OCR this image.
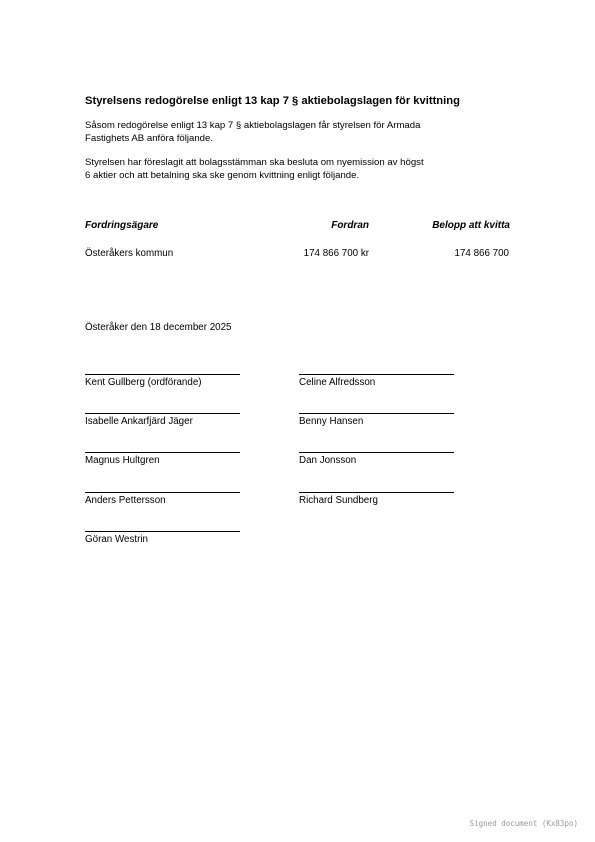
Styrelsens redogörelse enligt 13 kap 7 § aktiebolagslagen för kvittning
Såsom redogörelse enligt 13 kap 7 § aktiebolagslagen får styrelsen för Armada
Fastighets AB anföra följande.
Styrelsen har föreslagit att bolagsstämman ska besluta om nyemission av högst
6 aktier och att betalning ska ske genom kvittning enligt följande.
Fordringsägare	Fordran	Belopp att kvitta
Österåkers kommun	174 866 700 kr	174 866 700
Österåker den 18 december 2025
Kent Gullberg (ordförande)	Celine Alfredsson
Isabelle Ankarfjärd Jäger	Benny Hansen
Magnus Hultgren	Dan Jonsson
Anders Pettersson	Richard Sundberg
Göran Westrin
Signed document (Kx83po)
